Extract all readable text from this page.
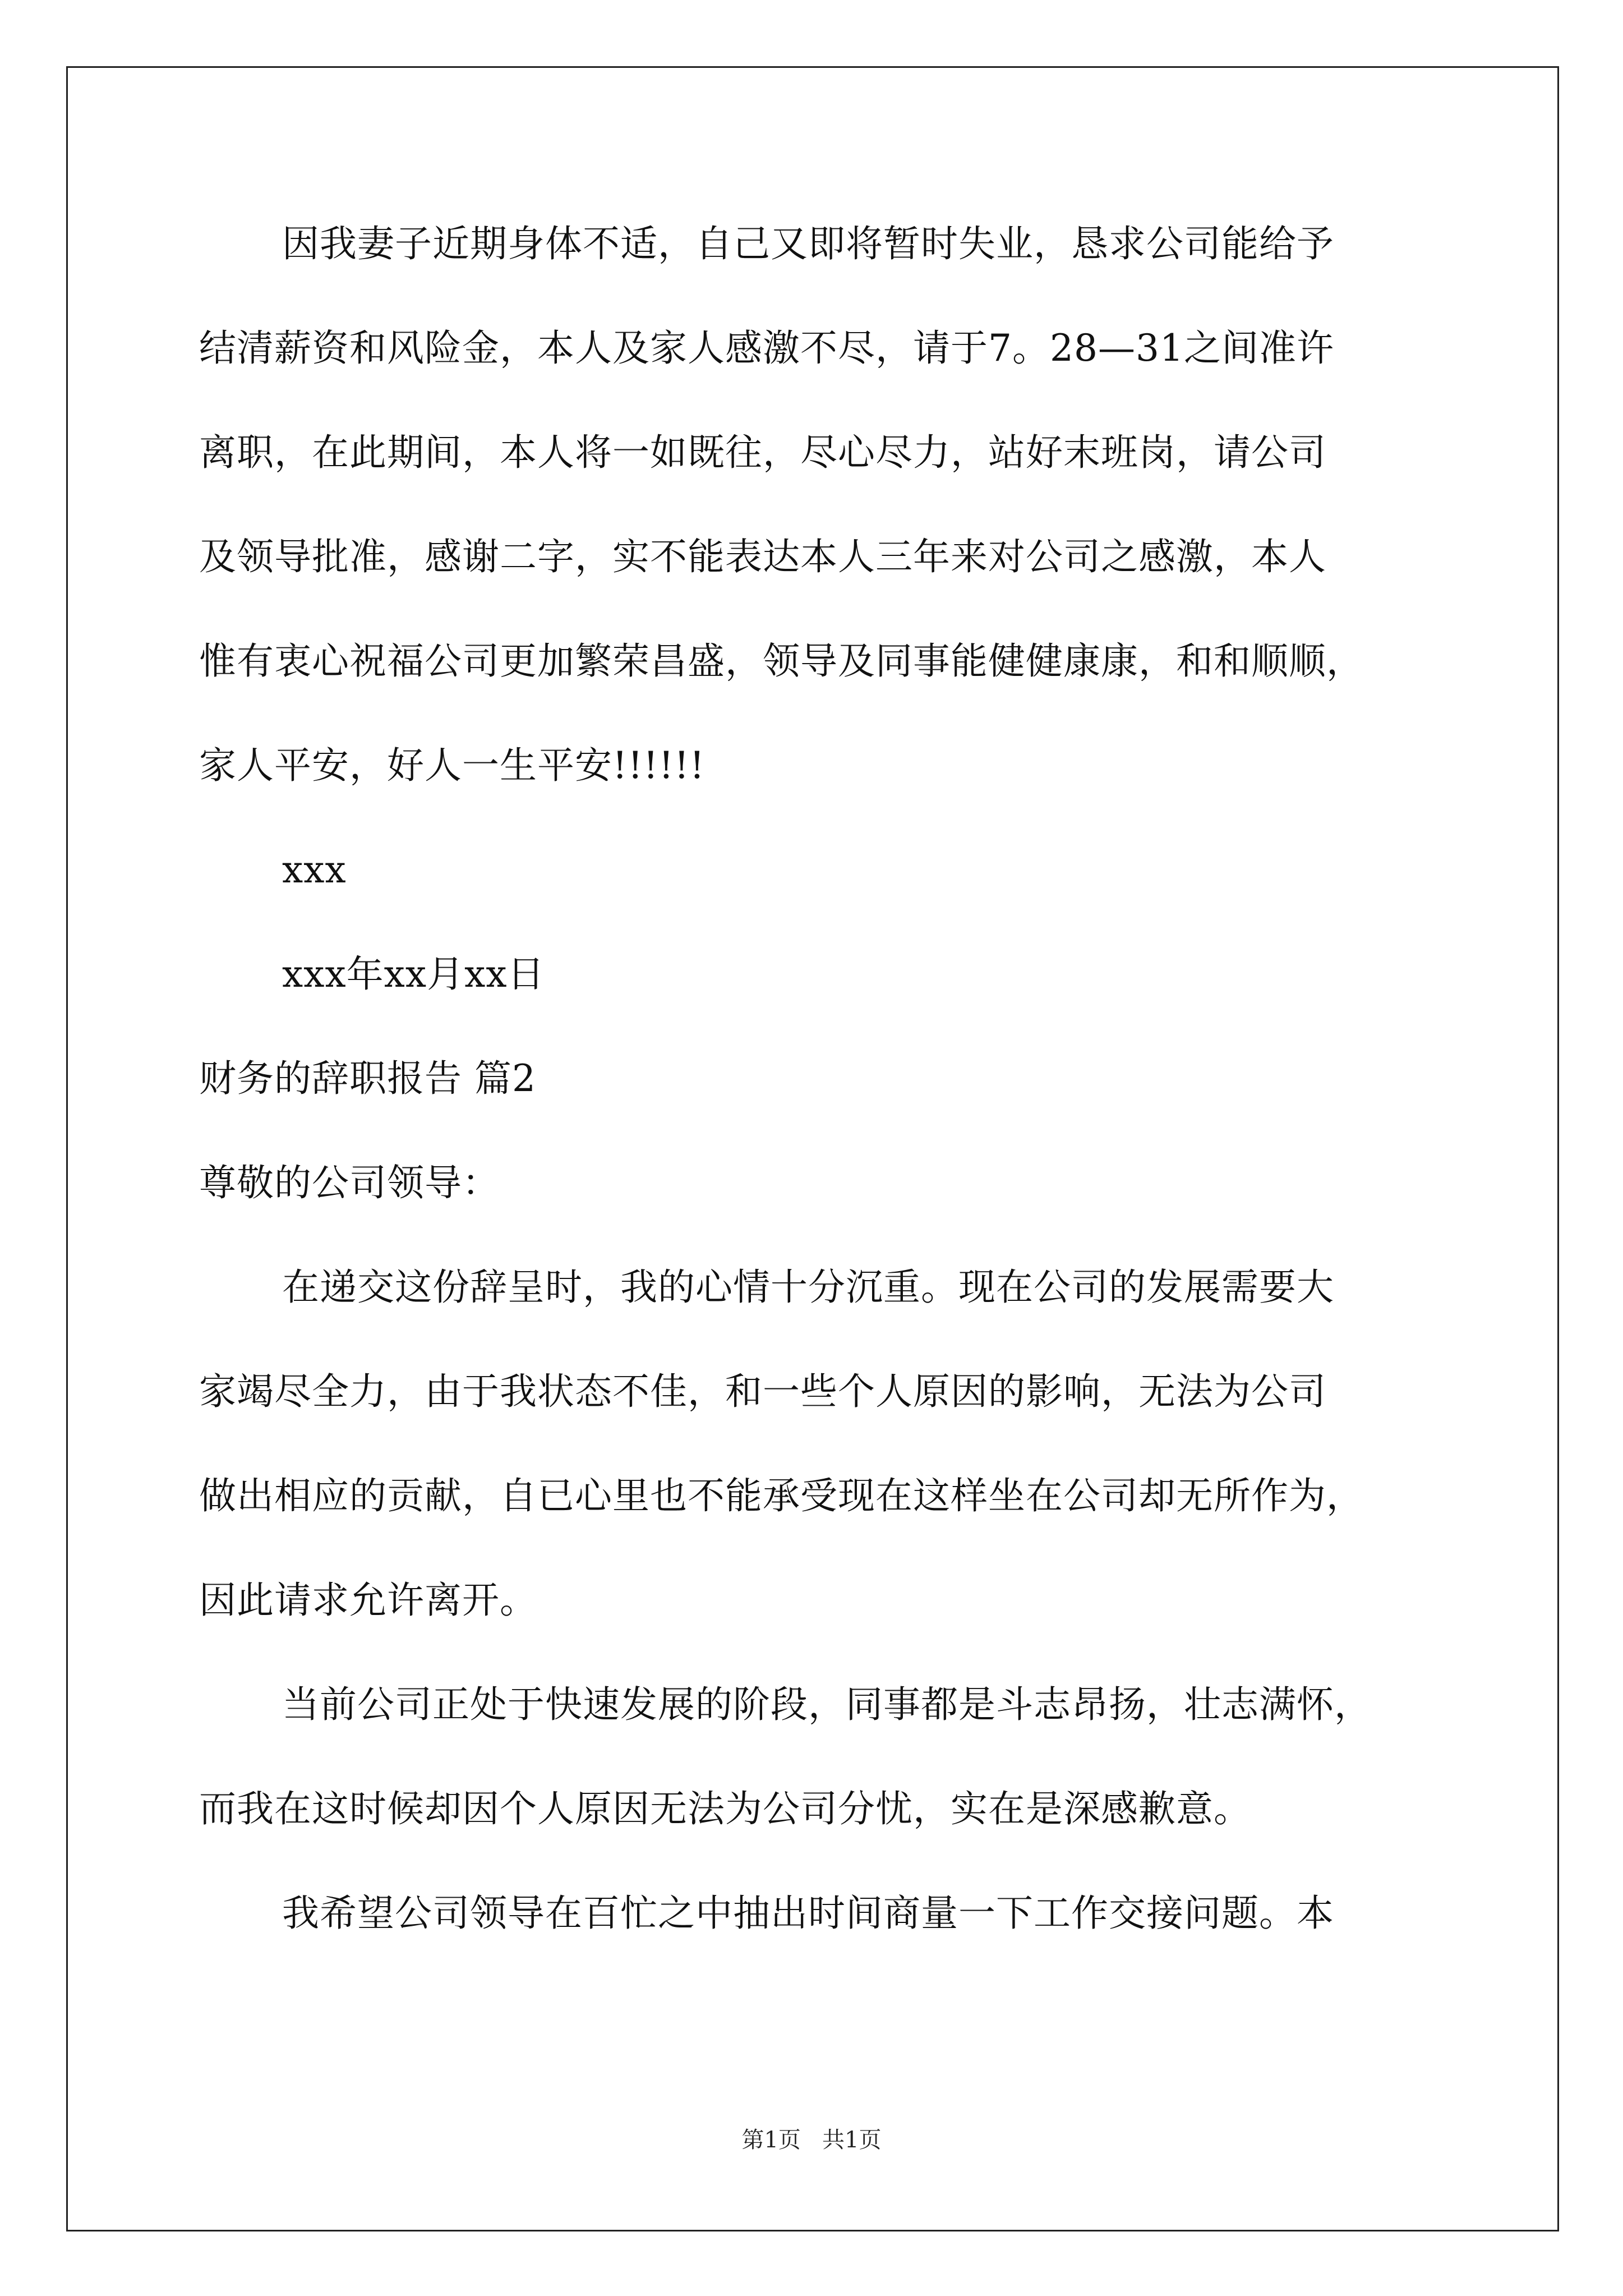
因我妻子近期身体不适，自己又即将暂时失业，恳求公司能给予
结清薪资和风险金，本人及家人感激不尽，请于7。28—31之间准许
离职，在此期间，本人将一如既往，尽心尽力，站好末班岗，请公司
及领导批准，感谢二字，实不能表达本人三年来对公司之感激，本人
惟有衷心祝福公司更加繁荣昌盛，领导及同事能健健康康，和和顺顺，
家人平安，好人一生平安!!!!!!
xxx
xxx年xx月xx日
财务的辞职报告 篇2
尊敬的公司领导：
在递交这份辞呈时，我的心情十分沉重。现在公司的发展需要大
家竭尽全力，由于我状态不佳，和一些个人原因的影响，无法为公司
做出相应的贡献，自已心里也不能承受现在这样坐在公司却无所作为，
因此请求允许离开。
当前公司正处于快速发展的阶段，同事都是斗志昂扬，壮志满怀，
而我在这时候却因个人原因无法为公司分忧，实在是深感歉意。
我希望公司领导在百忙之中抽出时间商量一下工作交接问题。本
第1页   共1页
